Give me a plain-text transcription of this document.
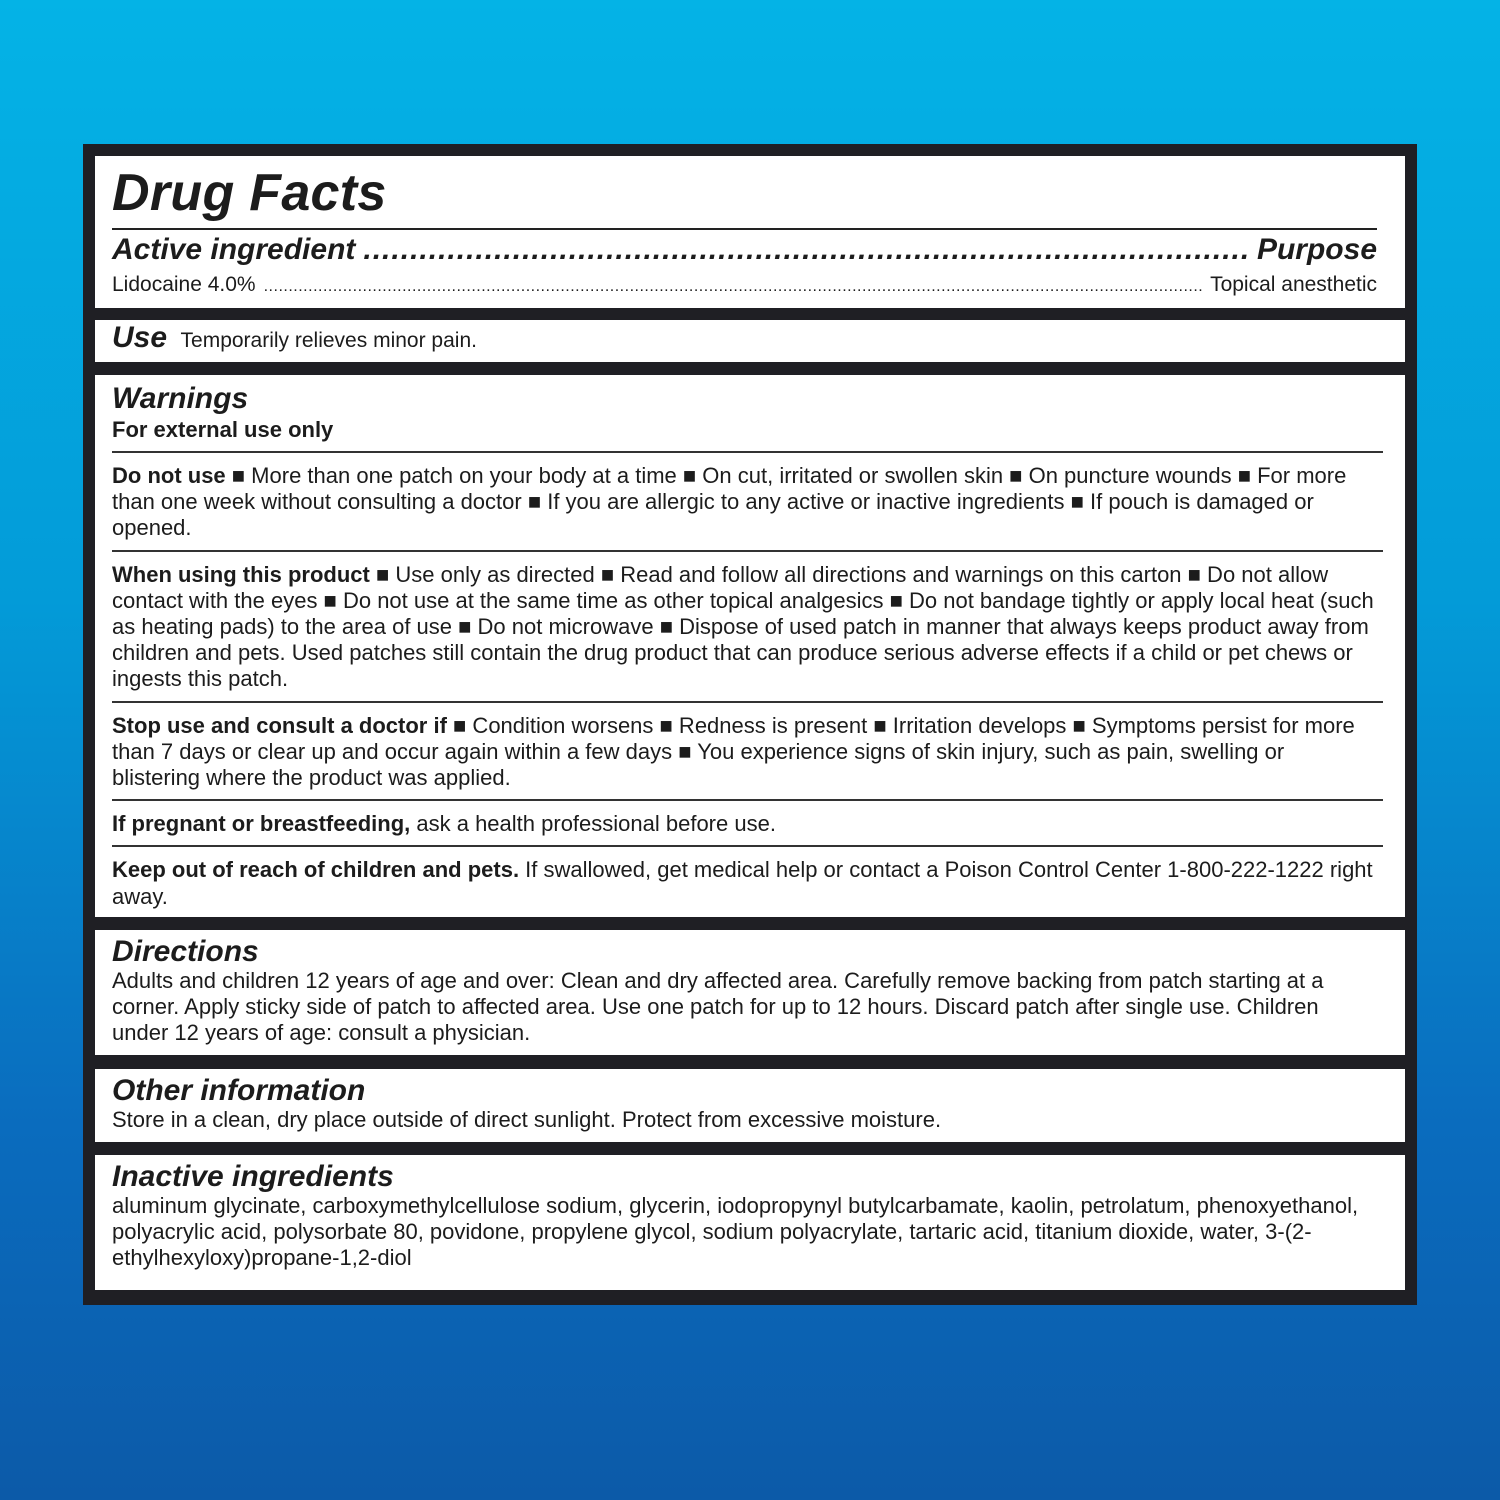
Drug Facts
Active ingredient .....	Purpose
Lidocaine 4.0% .....	Topical anesthetic
Use Temporarily relieves minor pain.
Warnings
For external use only
Do not use ■ More than one patch on your body at a time ■ On cut, irritated or swollen skin ■ On puncture wounds ■ For more than one week without consulting a doctor ■ If you are allergic to any active or inactive ingredients ■ If pouch is damaged or opened.
When using this product ■ Use only as directed ■ Read and follow all directions and warnings on this carton ■ Do not allow contact with the eyes ■ Do not use at the same time as other topical analgesics ■ Do not bandage tightly or apply local heat (such as heating pads) to the area of use ■ Do not microwave ■ Dispose of used patch in manner that always keeps product away from children and pets. Used patches still contain the drug product that can produce serious adverse effects if a child or pet chews or ingests this patch.
Stop use and consult a doctor if ■ Condition worsens ■ Redness is present ■ Irritation develops ■ Symptoms persist for more than 7 days or clear up and occur again within a few days ■ You experience signs of skin injury, such as pain, swelling or blistering where the product was applied.
If pregnant or breastfeeding, ask a health professional before use.
Keep out of reach of children and pets. If swallowed, get medical help or contact a Poison Control Center 1-800-222-1222 right away.
Directions
Adults and children 12 years of age and over: Clean and dry affected area. Carefully remove backing from patch starting at a corner. Apply sticky side of patch to affected area. Use one patch for up to 12 hours. Discard patch after single use. Children under 12 years of age: consult a physician.
Other information
Store in a clean, dry place outside of direct sunlight. Protect from excessive moisture.
Inactive ingredients
aluminum glycinate, carboxymethylcellulose sodium, glycerin, iodopropynyl butylcarbamate, kaolin, petrolatum, phenoxyethanol, polyacrylic acid, polysorbate 80, povidone, propylene glycol, sodium polyacrylate, tartaric acid, titanium dioxide, water, 3-(2-ethylhexyloxy)propane-1,2-diol
